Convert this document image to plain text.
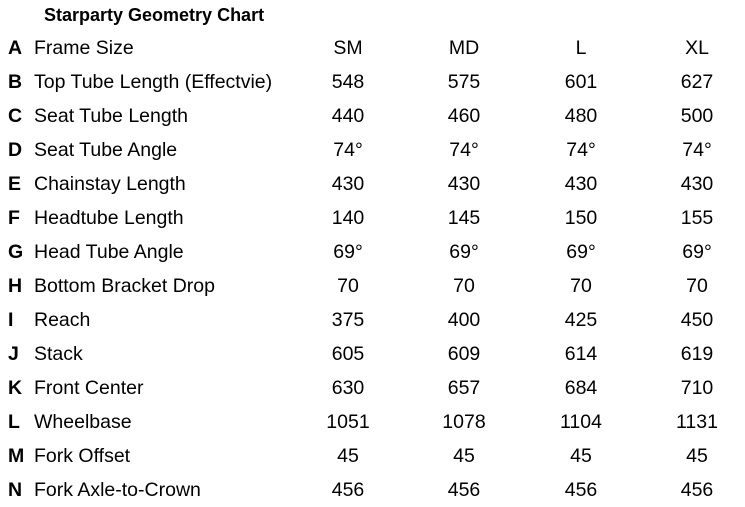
Starparty Geometry Chart
A Frame Size	SM	MD	L	XL
B Top Tube Length (Effectvie)	548	575	601	627
C Seat Tube Length	440	460	480	500
D Seat Tube Angle	74°	74°	74°	74°
E Chainstay Length	430	430	430	430
F Headtube Length	140	145	150	155
G Head Tube Angle	69°	69°	69°	69°
H Bottom Bracket Drop	70	70	70	70
I	Reach	375	400	425	450
J Stack	605	609	614	619
K Front Center	630	657	684	710
L Wheelbase	1051	1078	1104	1131
M Fork Offset	45	45	45	45
N Fork Axle-to-Crown	456	456	456	456
